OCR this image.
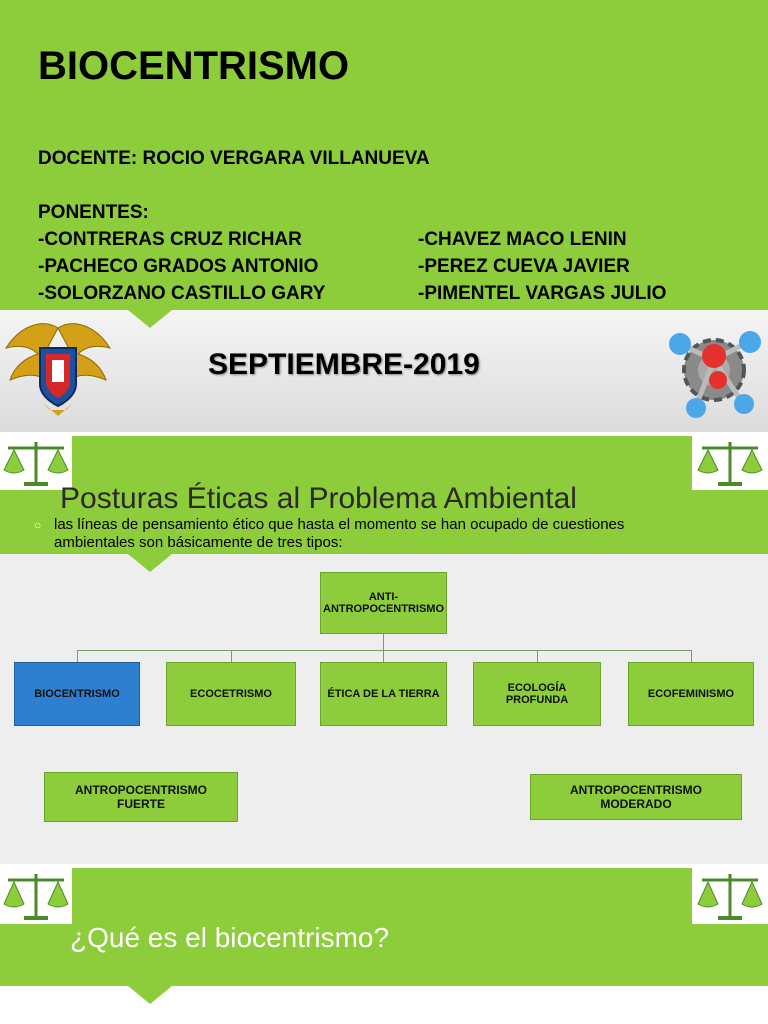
BIOCENTRISMO
DOCENTE: ROCIO VERGARA VILLANUEVA
PONENTES:
-CONTRERAS CRUZ RICHAR
-PACHECO GRADOS ANTONIO
-SOLORZANO CASTILLO GARY
-CHAVEZ MACO LENIN
-PEREZ CUEVA JAVIER
-PIMENTEL VARGAS JULIO
SEPTIEMBRE-2019
Posturas Éticas al Problema Ambiental
○ las líneas de pensamiento ético que hasta el momento se han ocupado de cuestiones
ambientales son básicamente de tres tipos:
ANTI-
ANTROPOCENTRISMO
BIOCENTRISMO	ECOCETRISMO	ÉTICA DE LA TIERRA	ECOLOGÍA PROFUNDA	ECOFEMINISMO
ANTROPOCENTRISMO FUERTE
ANTROPOCENTRISMO MODERADO
¿Qué es el biocentrismo?
